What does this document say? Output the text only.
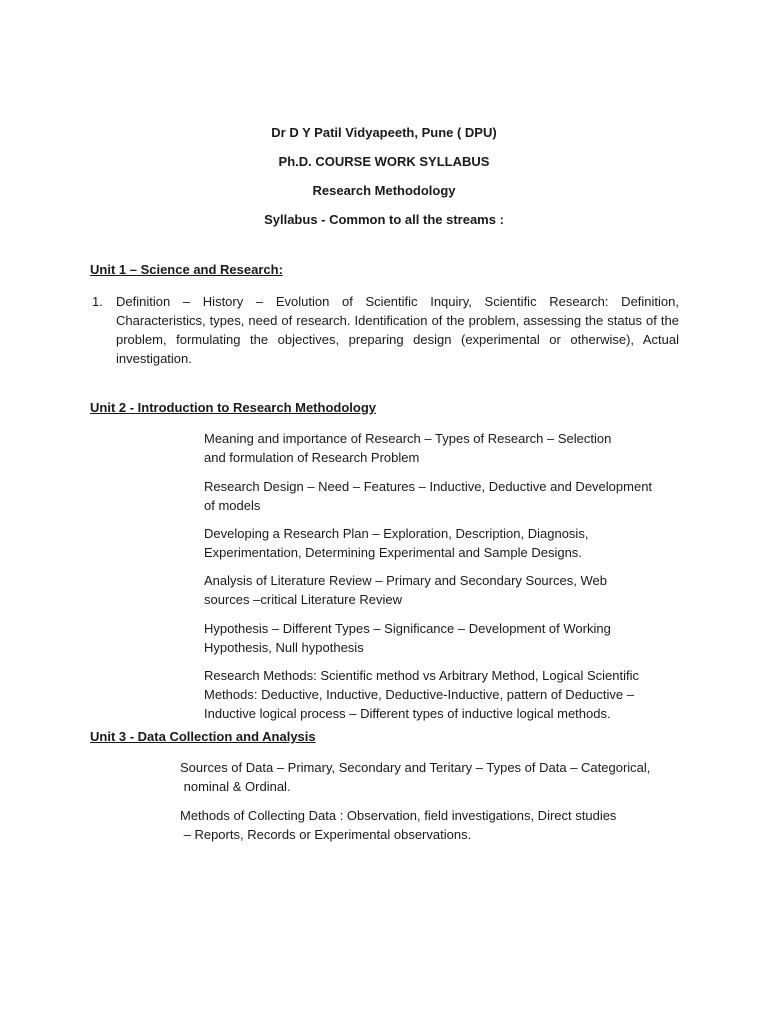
Dr D Y Patil Vidyapeeth, Pune ( DPU)
Ph.D. COURSE WORK SYLLABUS
Research Methodology
Syllabus - Common to all the streams :
Unit 1 – Science and Research:
1. Definition – History – Evolution of Scientific Inquiry, Scientific Research: Definition, Characteristics, types, need of research. Identification of the problem, assessing the status of the problem, formulating the objectives, preparing design (experimental or otherwise), Actual investigation.
Unit 2 - Introduction to Research Methodology
Meaning and importance of Research – Types of Research – Selection
and formulation of Research Problem
Research Design – Need – Features – Inductive, Deductive and Development
of models
Developing a Research Plan – Exploration, Description, Diagnosis,
Experimentation, Determining Experimental and Sample Designs.
Analysis of Literature Review – Primary and Secondary Sources, Web
sources –critical Literature Review
Hypothesis – Different Types – Significance – Development of Working
Hypothesis, Null hypothesis
Research Methods: Scientific method vs Arbitrary Method, Logical Scientific
Methods: Deductive, Inductive, Deductive-Inductive, pattern of Deductive –
Inductive logical process – Different types of inductive logical methods.
Unit 3 - Data Collection and Analysis
Sources of Data – Primary, Secondary and Teritary – Types of Data – Categorical,
nominal & Ordinal.
Methods of Collecting Data : Observation, field investigations, Direct studies
– Reports, Records or Experimental observations.
